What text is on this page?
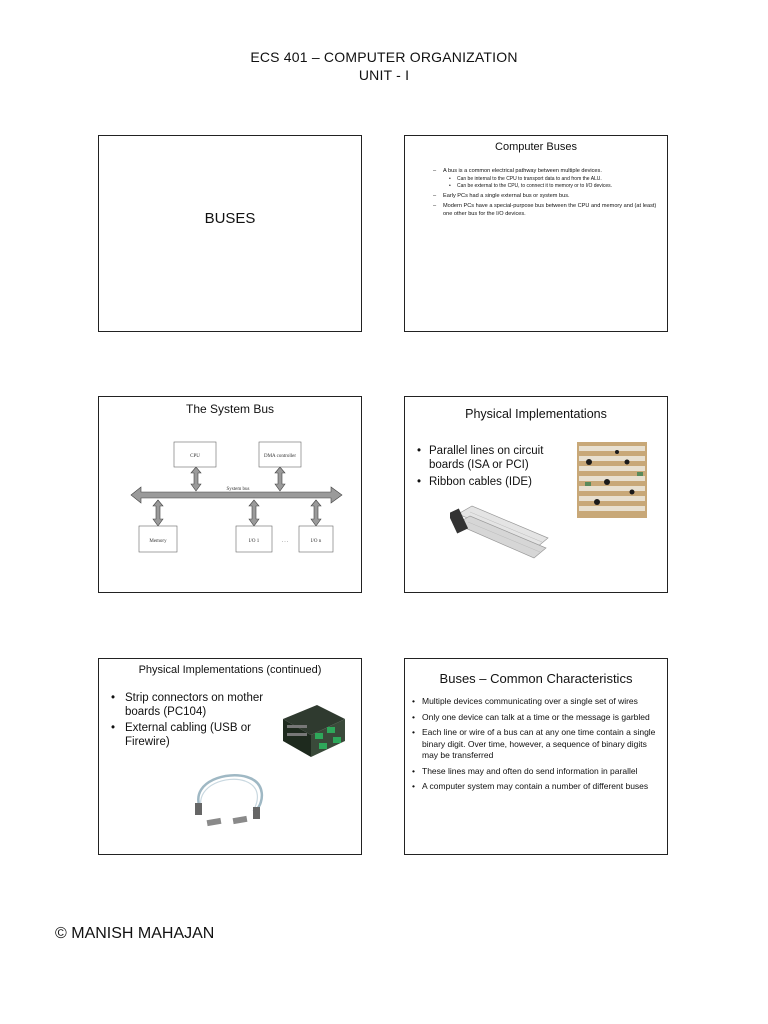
ECS 401 – COMPUTER ORGANIZATION
UNIT - I
BUSES
Computer Buses
– A bus is a common electrical pathway between multiple devices.
• Can be internal to the CPU to transport data to and from the ALU.
• Can be external to the CPU, to connect it to memory or to I/O devices.
– Early PCs had a single external bus or system bus.
– Modern PCs have a special-purpose bus between the CPU and memory and (at least) one other bus for the I/O devices.
The System Bus
CPU	DMA controller
System bus
Memory	I/O 1	. . .	I/O n
Physical Implementations
• Parallel lines on circuit boards (ISA or PCI)
• Ribbon cables (IDE)
Physical Implementations (continued)
• Strip connectors on mother boards (PC104)
• External cabling (USB or Firewire)
Buses – Common Characteristics
• Multiple devices communicating over a single set of wires
• Only one device can talk at a time or the message is garbled
• Each line or wire of a bus can at any one time contain a single binary digit. Over time, however, a sequence of binary digits may be transferred
• These lines may and often do send information in parallel
• A computer system may contain a number of different buses
© MANISH MAHAJAN
